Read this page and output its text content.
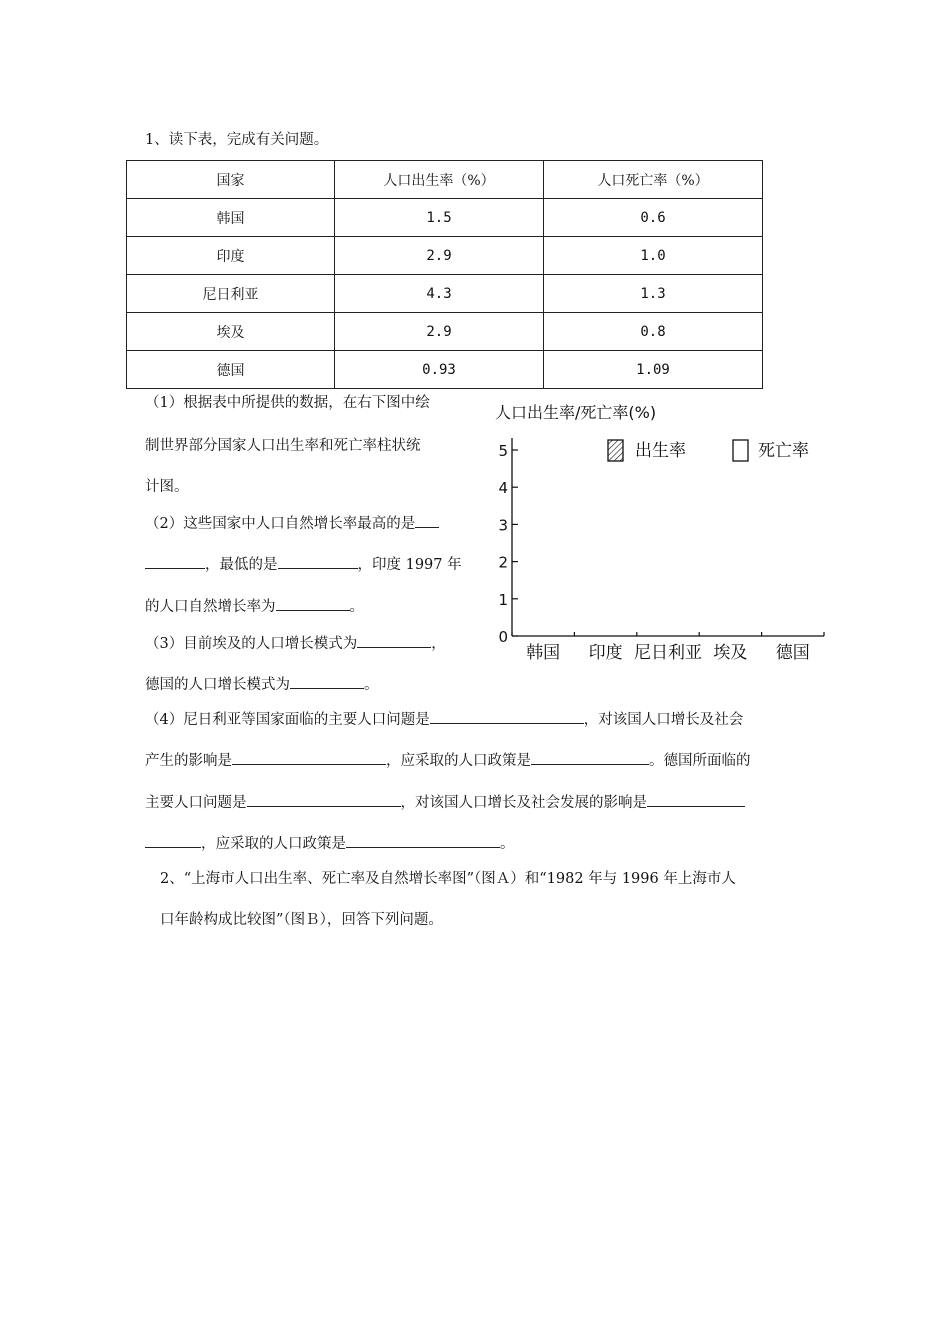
1、读下表，完成有关问题。
国家	人口出生率（%）	人口死亡率（%）
韩国	1.5	0.6
印度	2.9	1.0
尼日利亚	4.3	1.3
埃及	2.9	0.8
德国	0.93	1.09
（1）根据表中所提供的数据，在右下图中绘
制世界部分国家人口出生率和死亡率柱状统
计图。
（2）这些国家中人口自然增长率最高的是
，最低的是	，印度 1997 年
的人口自然增长率为	。
（3）目前埃及的人口增长模式为	，
德国的人口增长模式为	。
（4）尼日利亚等国家面临的主要人口问题是	，对该国人口增长及社会
产生的影响是	，应采取的人口政策是	。德国所面临的
主要人口问题是	，对该国人口增长及社会发展的影响是
，应采取的人口政策是	。
2、“上海市人口出生率、死亡率及自然增长率图”（图Ａ）和“1982 年与 1996 年上海市人
口年龄构成比较图”（图Ｂ），回答下列问题。
人口出生率/死亡率(%)
0
1
2
3
4
5
韩国 印度 尼日利亚 埃及 德国
出生率	死亡率
